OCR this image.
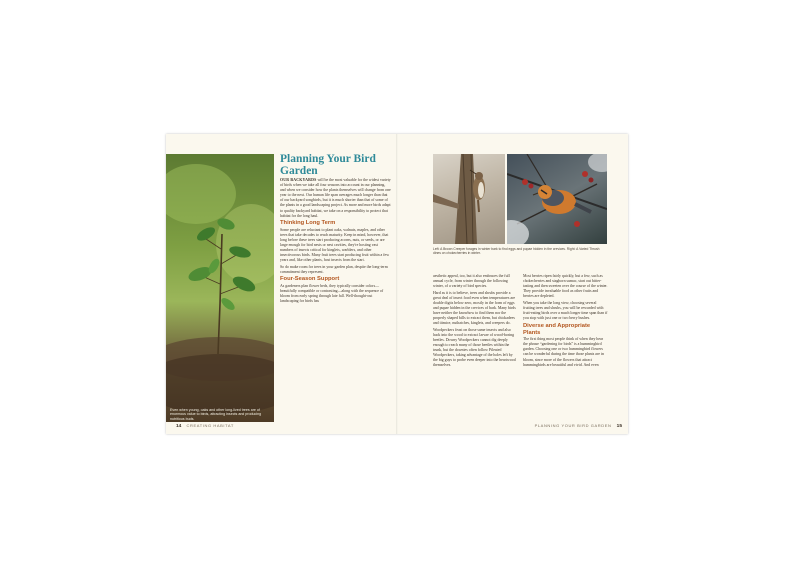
Even when young, oaks and other long-lived trees are of enormous value to birds, attracting insects and producing nutritious buds.
Planning Your Bird Garden

OUR BACKYARDS will be the most valuable for the widest variety of birds when we take all four seasons into account in our planning, and when we consider how the plants themselves will change from one year to the next. Our human life span averages much longer than that of our backyard songbirds, but it is much shorter than that of some of the plants in a good landscaping project. As more and more birds adapt to quality backyard habitat, we take on a responsibility to protect that habitat for the long haul.

Thinking Long Term

Some people are reluctant to plant oaks, walnuts, maples, and other trees that take decades to reach maturity. Keep in mind, however, that long before these trees start producing acorns, nuts, or seeds, or are large enough for bird nests or nest cavities, they're hosting vast numbers of insects critical for kinglets, warblers, and other insectivorous birds. Many fruit trees start producing fruit within a few years and, like other plants, host insects from the start.

So do make room for trees in your garden plan, despite the long-term commitment they represent.

Four-Season Support

As gardeners plan flower beds, they typically consider colors—beautifully compatible or contrasting—along with the sequence of bloom from early spring through late fall. Well-thought-out landscaping for birds has

14 CREATING HABITAT
Left: A Brown Creeper forages in winter bark to find eggs and pupae hidden in the crevices. Right: A Varied Thrush dines on chokecherries in winter.

aesthetic appeal, too, but it also embraces the full annual cycle, from winter through the following winter, of a variety of bird species.

Hard as it is to believe, trees and shrubs provide a great deal of insect food even when temperatures are double digits below zero, mostly in the form of eggs and pupae hidden in the crevices of bark. Many birds have neither the knowhow to find them nor the properly shaped bills to extract them, but chickadees and titmice, nuthatches, kinglets, and creepers do.

Woodpeckers feast on those same insects and also hack into the wood to extract larvae of wood-boring beetles. Downy Woodpeckers cannot dig deeply enough to reach many of those beetles within the trunk, but the downies often follow Pileated Woodpeckers, taking advantage of the holes left by the big guys to probe even deeper into the heartwood themselves.

Most berries ripen fairly quickly, but a few, such as chokecherries and staghorn sumac, start out bitter-tasting and then sweeten over the course of the winter. They provide invaluable food as other fruits and berries are depleted.

When you take the long view, choosing several fruiting trees and shrubs, you will be rewarded with fruit-eating birds over a much longer time span than if you stop with just one or two berry bushes.

Diverse and Appropriate Plants

The first thing most people think of when they hear the phrase “gardening for birds” is a hummingbird garden. Choosing one or two hummingbird flowers can be wonderful during the time those plants are in bloom, since more of the flowers that attract hummingbirds are beautiful and vivid. And even

PLANNING YOUR BIRD GARDEN 15
